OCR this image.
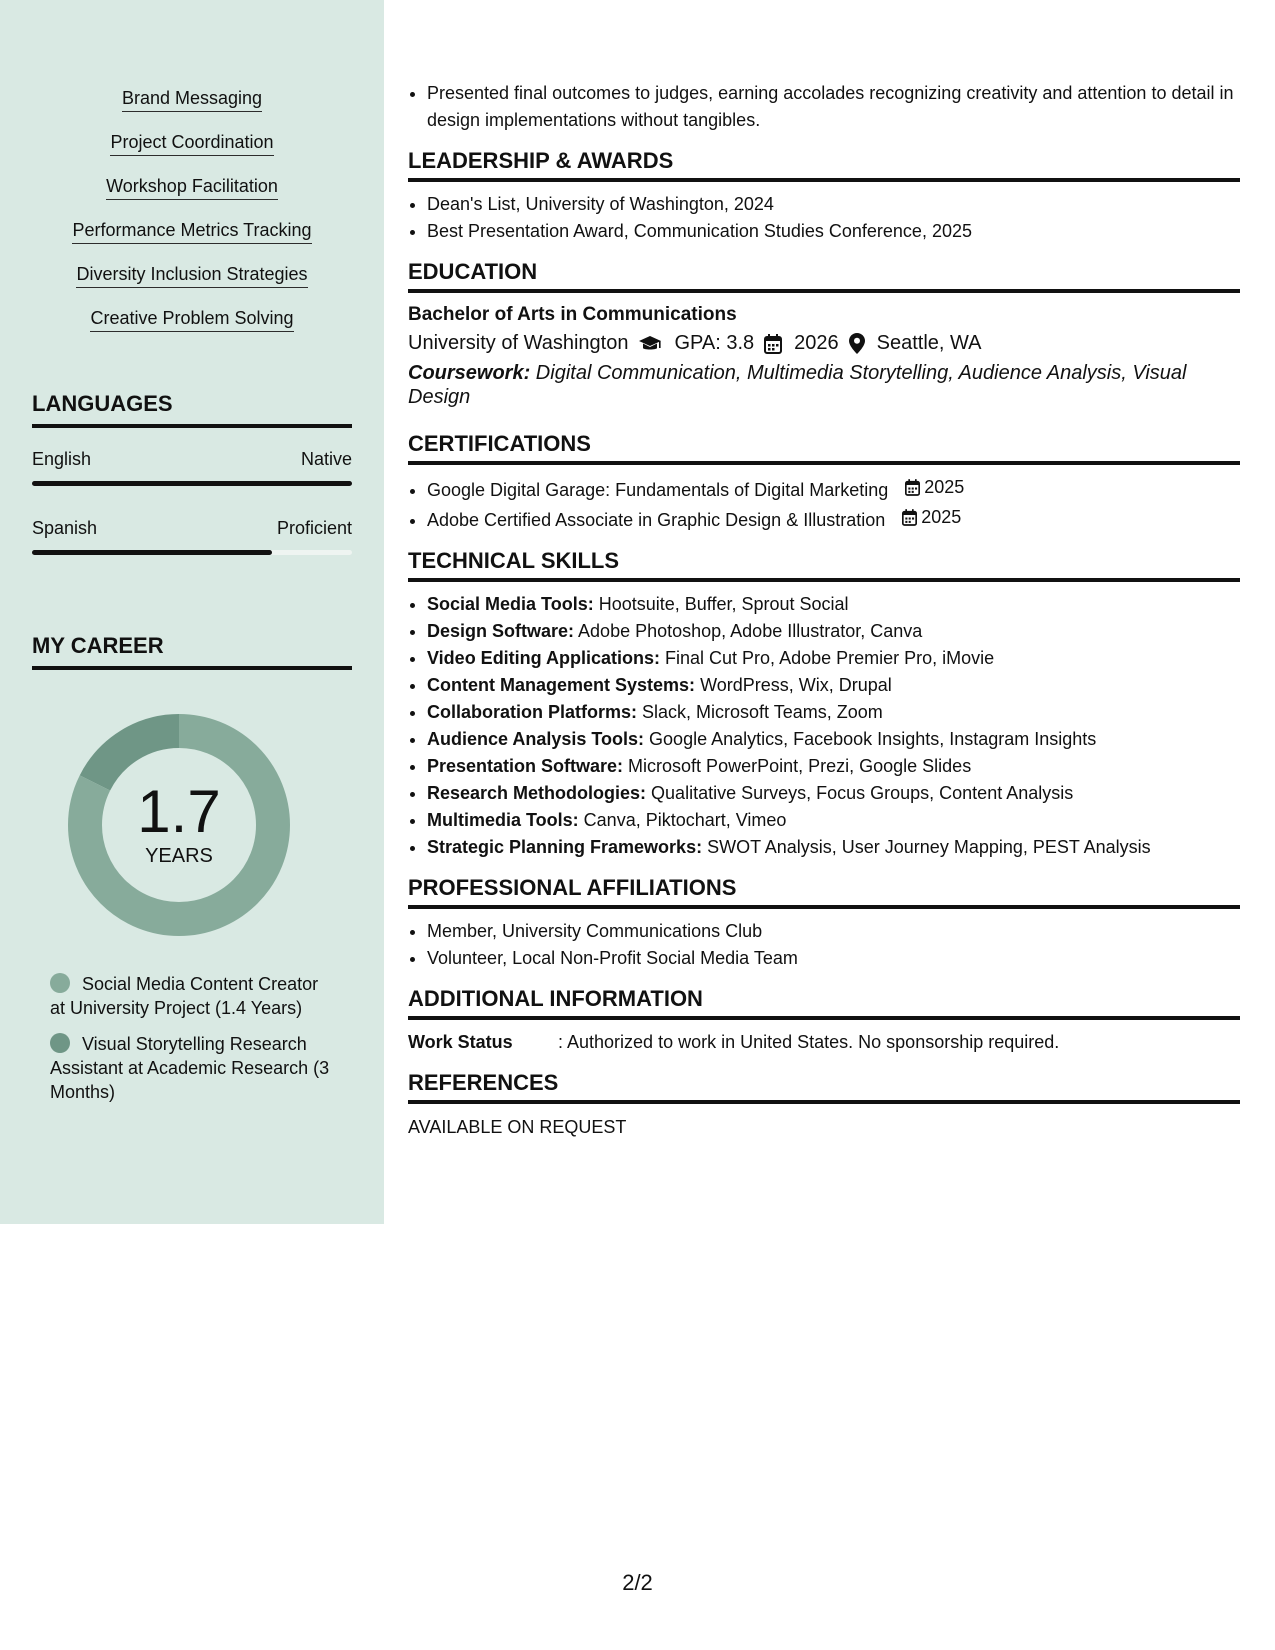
Brand Messaging
Project Coordination
Workshop Facilitation
Performance Metrics Tracking
Diversity Inclusion Strategies
Creative Problem Solving
LANGUAGES
English	Native
Spanish	Proficient
MY CAREER
1.7
YEARS
Social Media Content Creator at University Project (1.4 Years)
Visual Storytelling Research Assistant at Academic Research (3 Months)
• Presented final outcomes to judges, earning accolades recognizing creativity and attention to detail in design implementations without tangibles.
LEADERSHIP & AWARDS
• Dean's List, University of Washington, 2024
• Best Presentation Award, Communication Studies Conference, 2025
EDUCATION
Bachelor of Arts in Communications
University of Washington GPA: 3.8 2026 Seattle, WA
Coursework: Digital Communication, Multimedia Storytelling, Audience Analysis, Visual Design
CERTIFICATIONS
• Google Digital Garage: Fundamentals of Digital Marketing 2025
• Adobe Certified Associate in Graphic Design & Illustration 2025
TECHNICAL SKILLS
• Social Media Tools: Hootsuite, Buffer, Sprout Social
• Design Software: Adobe Photoshop, Adobe Illustrator, Canva
• Video Editing Applications: Final Cut Pro, Adobe Premier Pro, iMovie
• Content Management Systems: WordPress, Wix, Drupal
• Collaboration Platforms: Slack, Microsoft Teams, Zoom
• Audience Analysis Tools: Google Analytics, Facebook Insights, Instagram Insights
• Presentation Software: Microsoft PowerPoint, Prezi, Google Slides
• Research Methodologies: Qualitative Surveys, Focus Groups, Content Analysis
• Multimedia Tools: Canva, Piktochart, Vimeo
• Strategic Planning Frameworks: SWOT Analysis, User Journey Mapping, PEST Analysis
PROFESSIONAL AFFILIATIONS
• Member, University Communications Club
• Volunteer, Local Non-Profit Social Media Team
ADDITIONAL INFORMATION
Work Status	: Authorized to work in United States. No sponsorship required.
REFERENCES
AVAILABLE ON REQUEST
2/2
